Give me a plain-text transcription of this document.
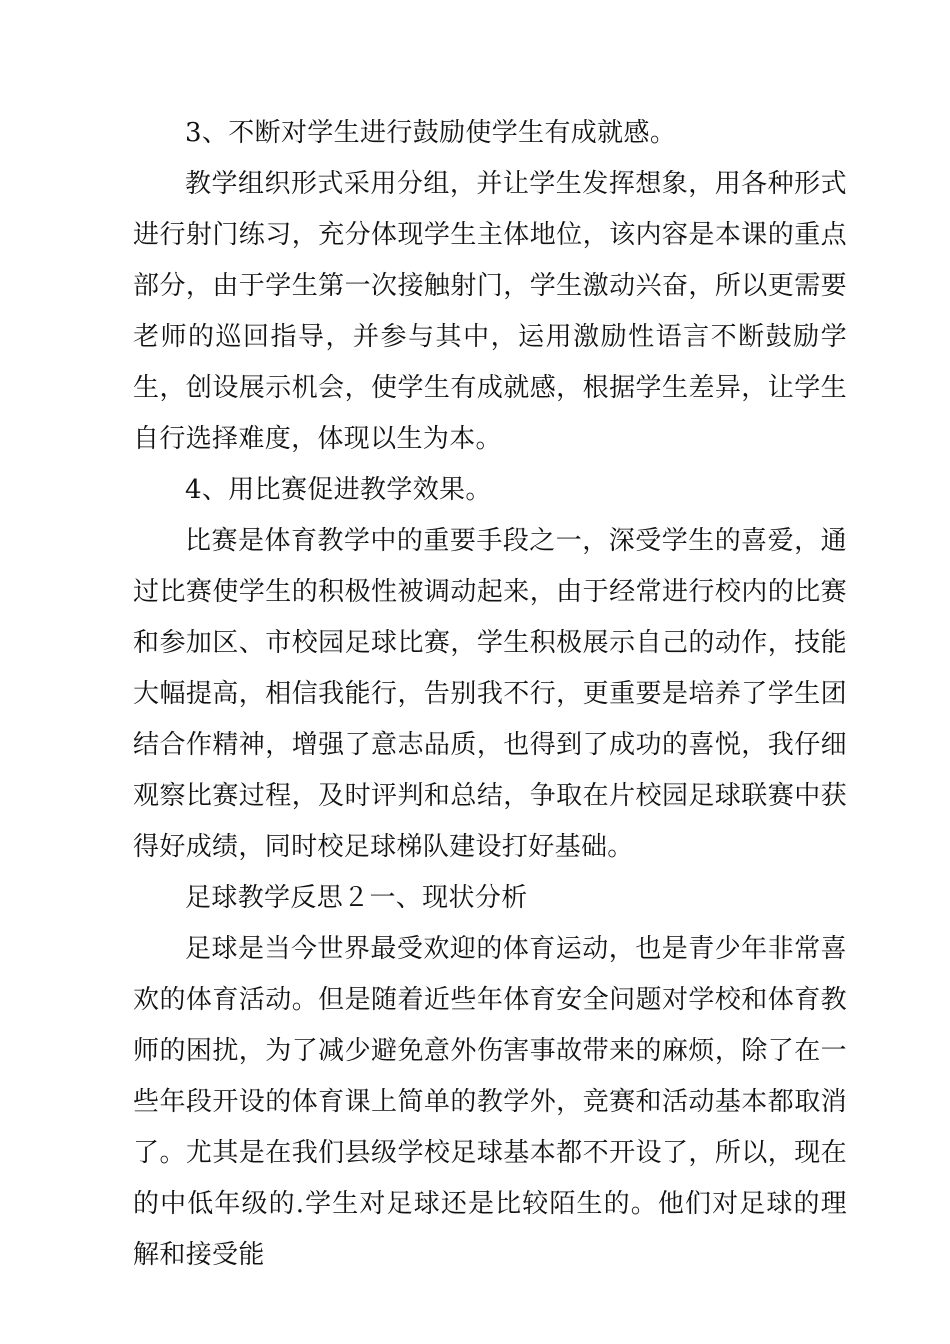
3、不断对学生进行鼓励使学生有成就感。

教学组织形式采用分组，并让学生发挥想象，用各种形式进行射门练习，充分体现学生主体地位，该内容是本课的重点部分，由于学生第一次接触射门，学生激动兴奋，所以更需要老师的巡回指导，并参与其中，运用激励性语言不断鼓励学生，创设展示机会，使学生有成就感，根据学生差异，让学生自行选择难度，体现以生为本。

4、用比赛促进教学效果。

比赛是体育教学中的重要手段之一，深受学生的喜爱，通过比赛使学生的积极性被调动起来，由于经常进行校内的比赛和参加区、市校园足球比赛，学生积极展示自己的动作，技能大幅提高，相信我能行，告别我不行，更重要是培养了学生团结合作精神，增强了意志品质，也得到了成功的喜悦，我仔细观察比赛过程，及时评判和总结，争取在片校园足球联赛中获得好成绩，同时校足球梯队建设打好基础。

足球教学反思２一、现状分析

足球是当今世界最受欢迎的体育运动，也是青少年非常喜欢的体育活动。但是随着近些年体育安全问题对学校和体育教师的困扰，为了减少避免意外伤害事故带来的麻烦，除了在一些年段开设的体育课上简单的教学外，竞赛和活动基本都取消了。尤其是在我们县级学校足球基本都不开设了，所以，现在的中低年级的.学生对足球还是比较陌生的。他们对足球的理解和接受能
